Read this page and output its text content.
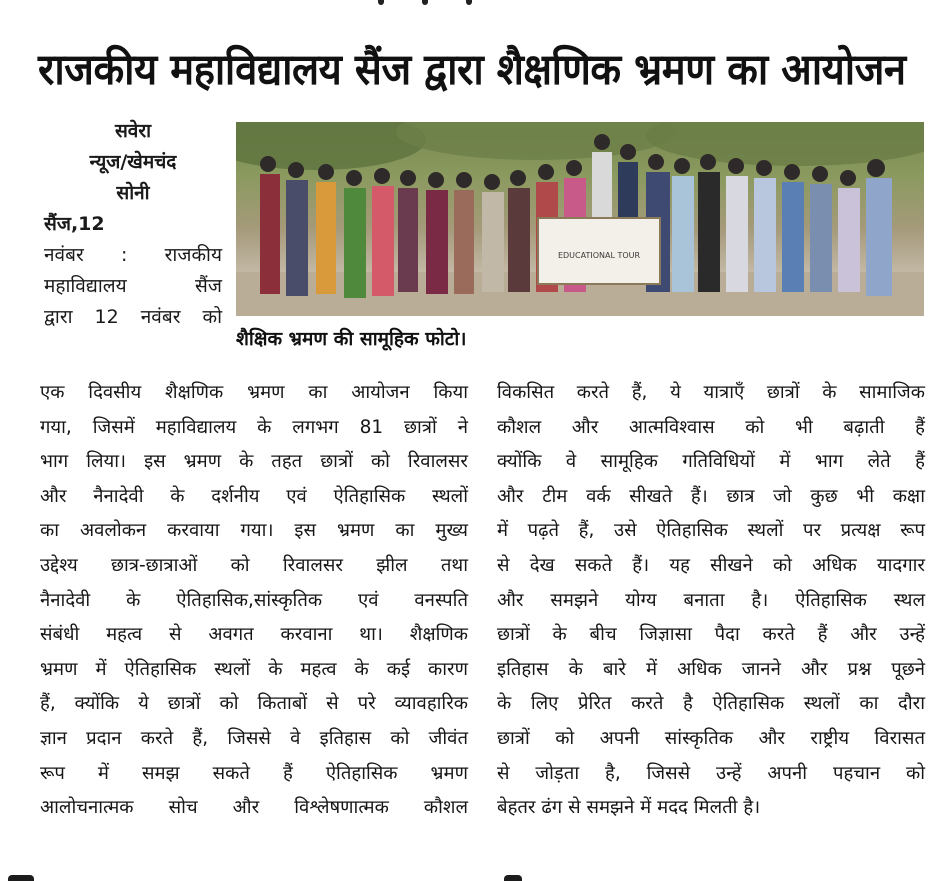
राजकीय महाविद्यालय सैंज द्वारा शैक्षणिक भ्रमण का आयोजन
सवेरा
न्यूज/खेमचंद
सोनी
सैंज,12
नवंबर : राजकीय
महाविद्यालय सैंज
द्वारा 12 नवंबर को
EDUCATIONAL TOUR
शैक्षिक भ्रमण की सामूहिक फोटो।
एक दिवसीय शैक्षणिक भ्रमण का आयोजन किया
गया, जिसमें महाविद्यालय के लगभग 81 छात्रों ने
भाग लिया। इस भ्रमण के तहत छात्रों को रिवालसर
और नैनादेवी के दर्शनीय एवं ऐतिहासिक स्थलों
का अवलोकन करवाया गया। इस भ्रमण का मुख्य
उद्देश्य छात्र-छात्राओं को रिवालसर झील तथा
नैनादेवी के ऐतिहासिक,सांस्कृतिक एवं वनस्पति
संबंधी महत्व से अवगत करवाना था। शैक्षणिक
भ्रमण में ऐतिहासिक स्थलों के महत्व के कई कारण
हैं, क्योंकि ये छात्रों को किताबों से परे व्यावहारिक
ज्ञान प्रदान करते हैं, जिससे वे इतिहास को जीवंत
रूप में समझ सकते हैं ऐतिहासिक भ्रमण
आलोचनात्मक सोच और विश्लेषणात्मक कौशल
विकसित करते हैं, ये यात्राएँ छात्रों के सामाजिक
कौशल और आत्मविश्वास को भी बढ़ाती हैं
क्योंकि वे सामूहिक गतिविधियों में भाग लेते हैं
और टीम वर्क सीखते हैं। छात्र जो कुछ भी कक्षा
में पढ़ते हैं, उसे ऐतिहासिक स्थलों पर प्रत्यक्ष रूप
से देख सकते हैं। यह सीखने को अधिक यादगार
और समझने योग्य बनाता है। ऐतिहासिक स्थल
छात्रों के बीच जिज्ञासा पैदा करते हैं और उन्हें
इतिहास के बारे में अधिक जानने और प्रश्न पूछने
के लिए प्रेरित करते है ऐतिहासिक स्थलों का दौरा
छात्रों को अपनी सांस्कृतिक और राष्ट्रीय विरासत
से जोड़ता है, जिससे उन्हें अपनी पहचान को
बेहतर ढंग से समझने में मदद मिलती है।
